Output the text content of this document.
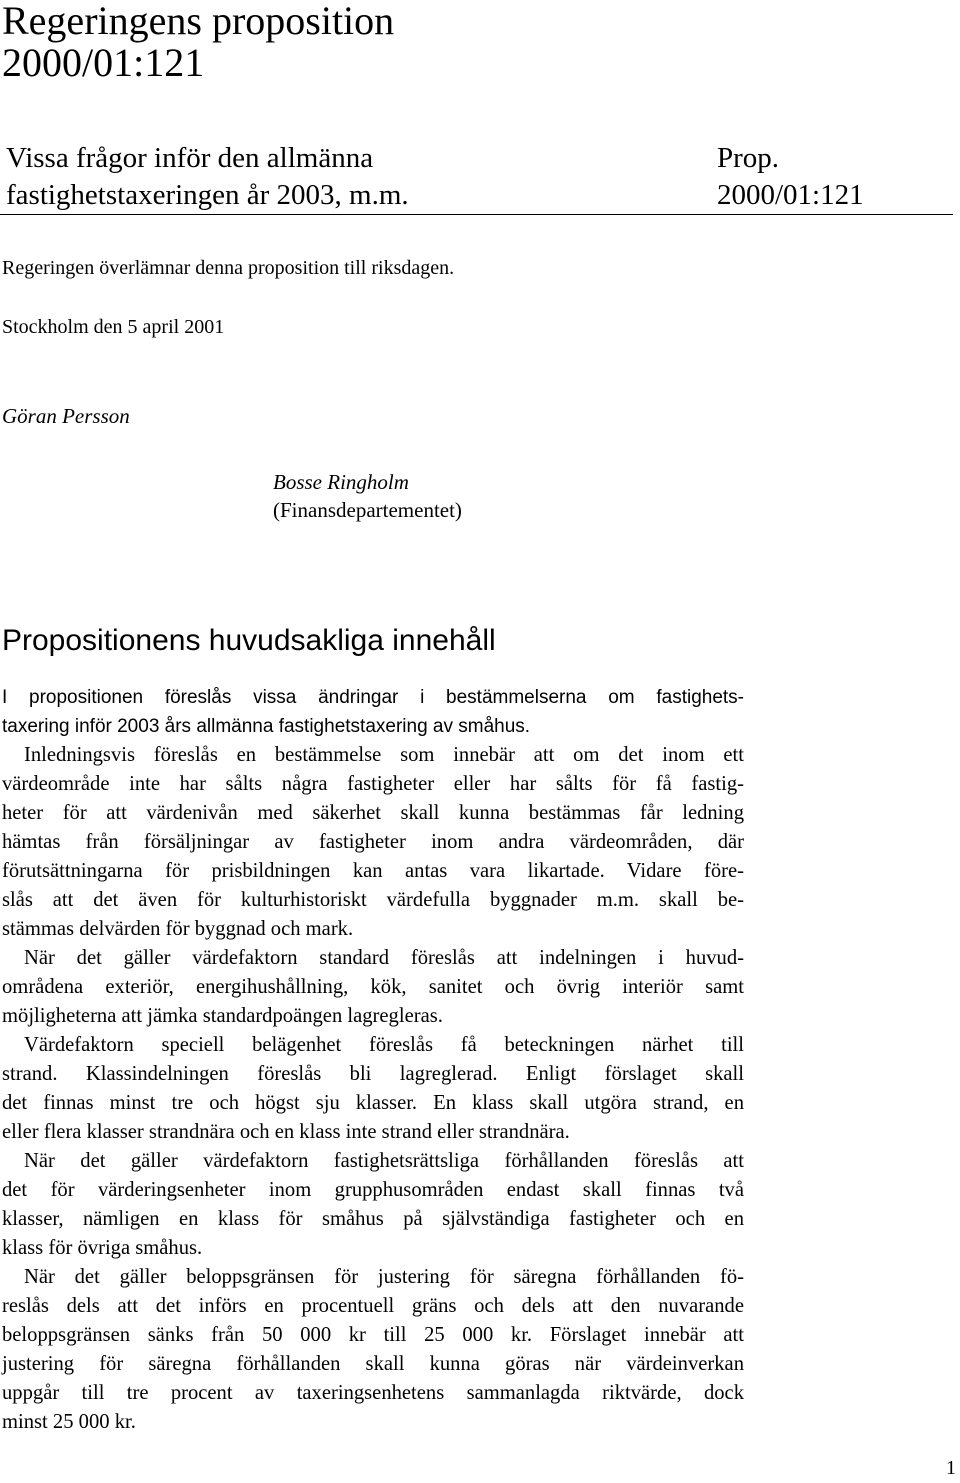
Regeringens proposition
2000/01:121
Vissa frågor inför den allmänna
fastighetstaxeringen år 2003, m.m.
Prop.
2000/01:121
Regeringen överlämnar denna proposition till riksdagen.
Stockholm den 5 april 2001
Göran Persson
Bosse Ringholm
(Finansdepartementet)
Propositionens huvudsakliga innehåll
I propositionen föreslås vissa ändringar i bestämmelserna om fastighets-
taxering inför 2003 års allmänna fastighetstaxering av småhus.
Inledningsvis föreslås en bestämmelse som innebär att om det inom ett
värdeområde inte har sålts några fastigheter eller har sålts för få fastig-
heter för att värdenivån med säkerhet skall kunna bestämmas får ledning
hämtas från försäljningar av fastigheter inom andra värdeområden, där
förutsättningarna för prisbildningen kan antas vara likartade. Vidare före-
slås att det även för kulturhistoriskt värdefulla byggnader m.m. skall be-
stämmas delvärden för byggnad och mark.
När det gäller värdefaktorn standard föreslås att indelningen i huvud-
områdena exteriör, energihushållning, kök, sanitet och övrig interiör samt
möjligheterna att jämka standardpoängen lagregleras.
Värdefaktorn speciell belägenhet föreslås få beteckningen närhet till
strand. Klassindelningen föreslås bli lagreglerad. Enligt förslaget skall
det finnas minst tre och högst sju klasser. En klass skall utgöra strand, en
eller flera klasser strandnära och en klass inte strand eller strandnära.
När det gäller värdefaktorn fastighetsrättsliga förhållanden föreslås att
det för värderingsenheter inom grupphusområden endast skall finnas två
klasser, nämligen en klass för småhus på självständiga fastigheter och en
klass för övriga småhus.
När det gäller beloppsgränsen för justering för säregna förhållanden fö-
reslås dels att det införs en procentuell gräns och dels att den nuvarande
beloppsgränsen sänks från 50 000 kr till 25 000 kr. Förslaget innebär att
justering för säregna förhållanden skall kunna göras när värdeinverkan
uppgår till tre procent av taxeringsenhetens sammanlagda riktvärde, dock
minst 25 000 kr.
1
